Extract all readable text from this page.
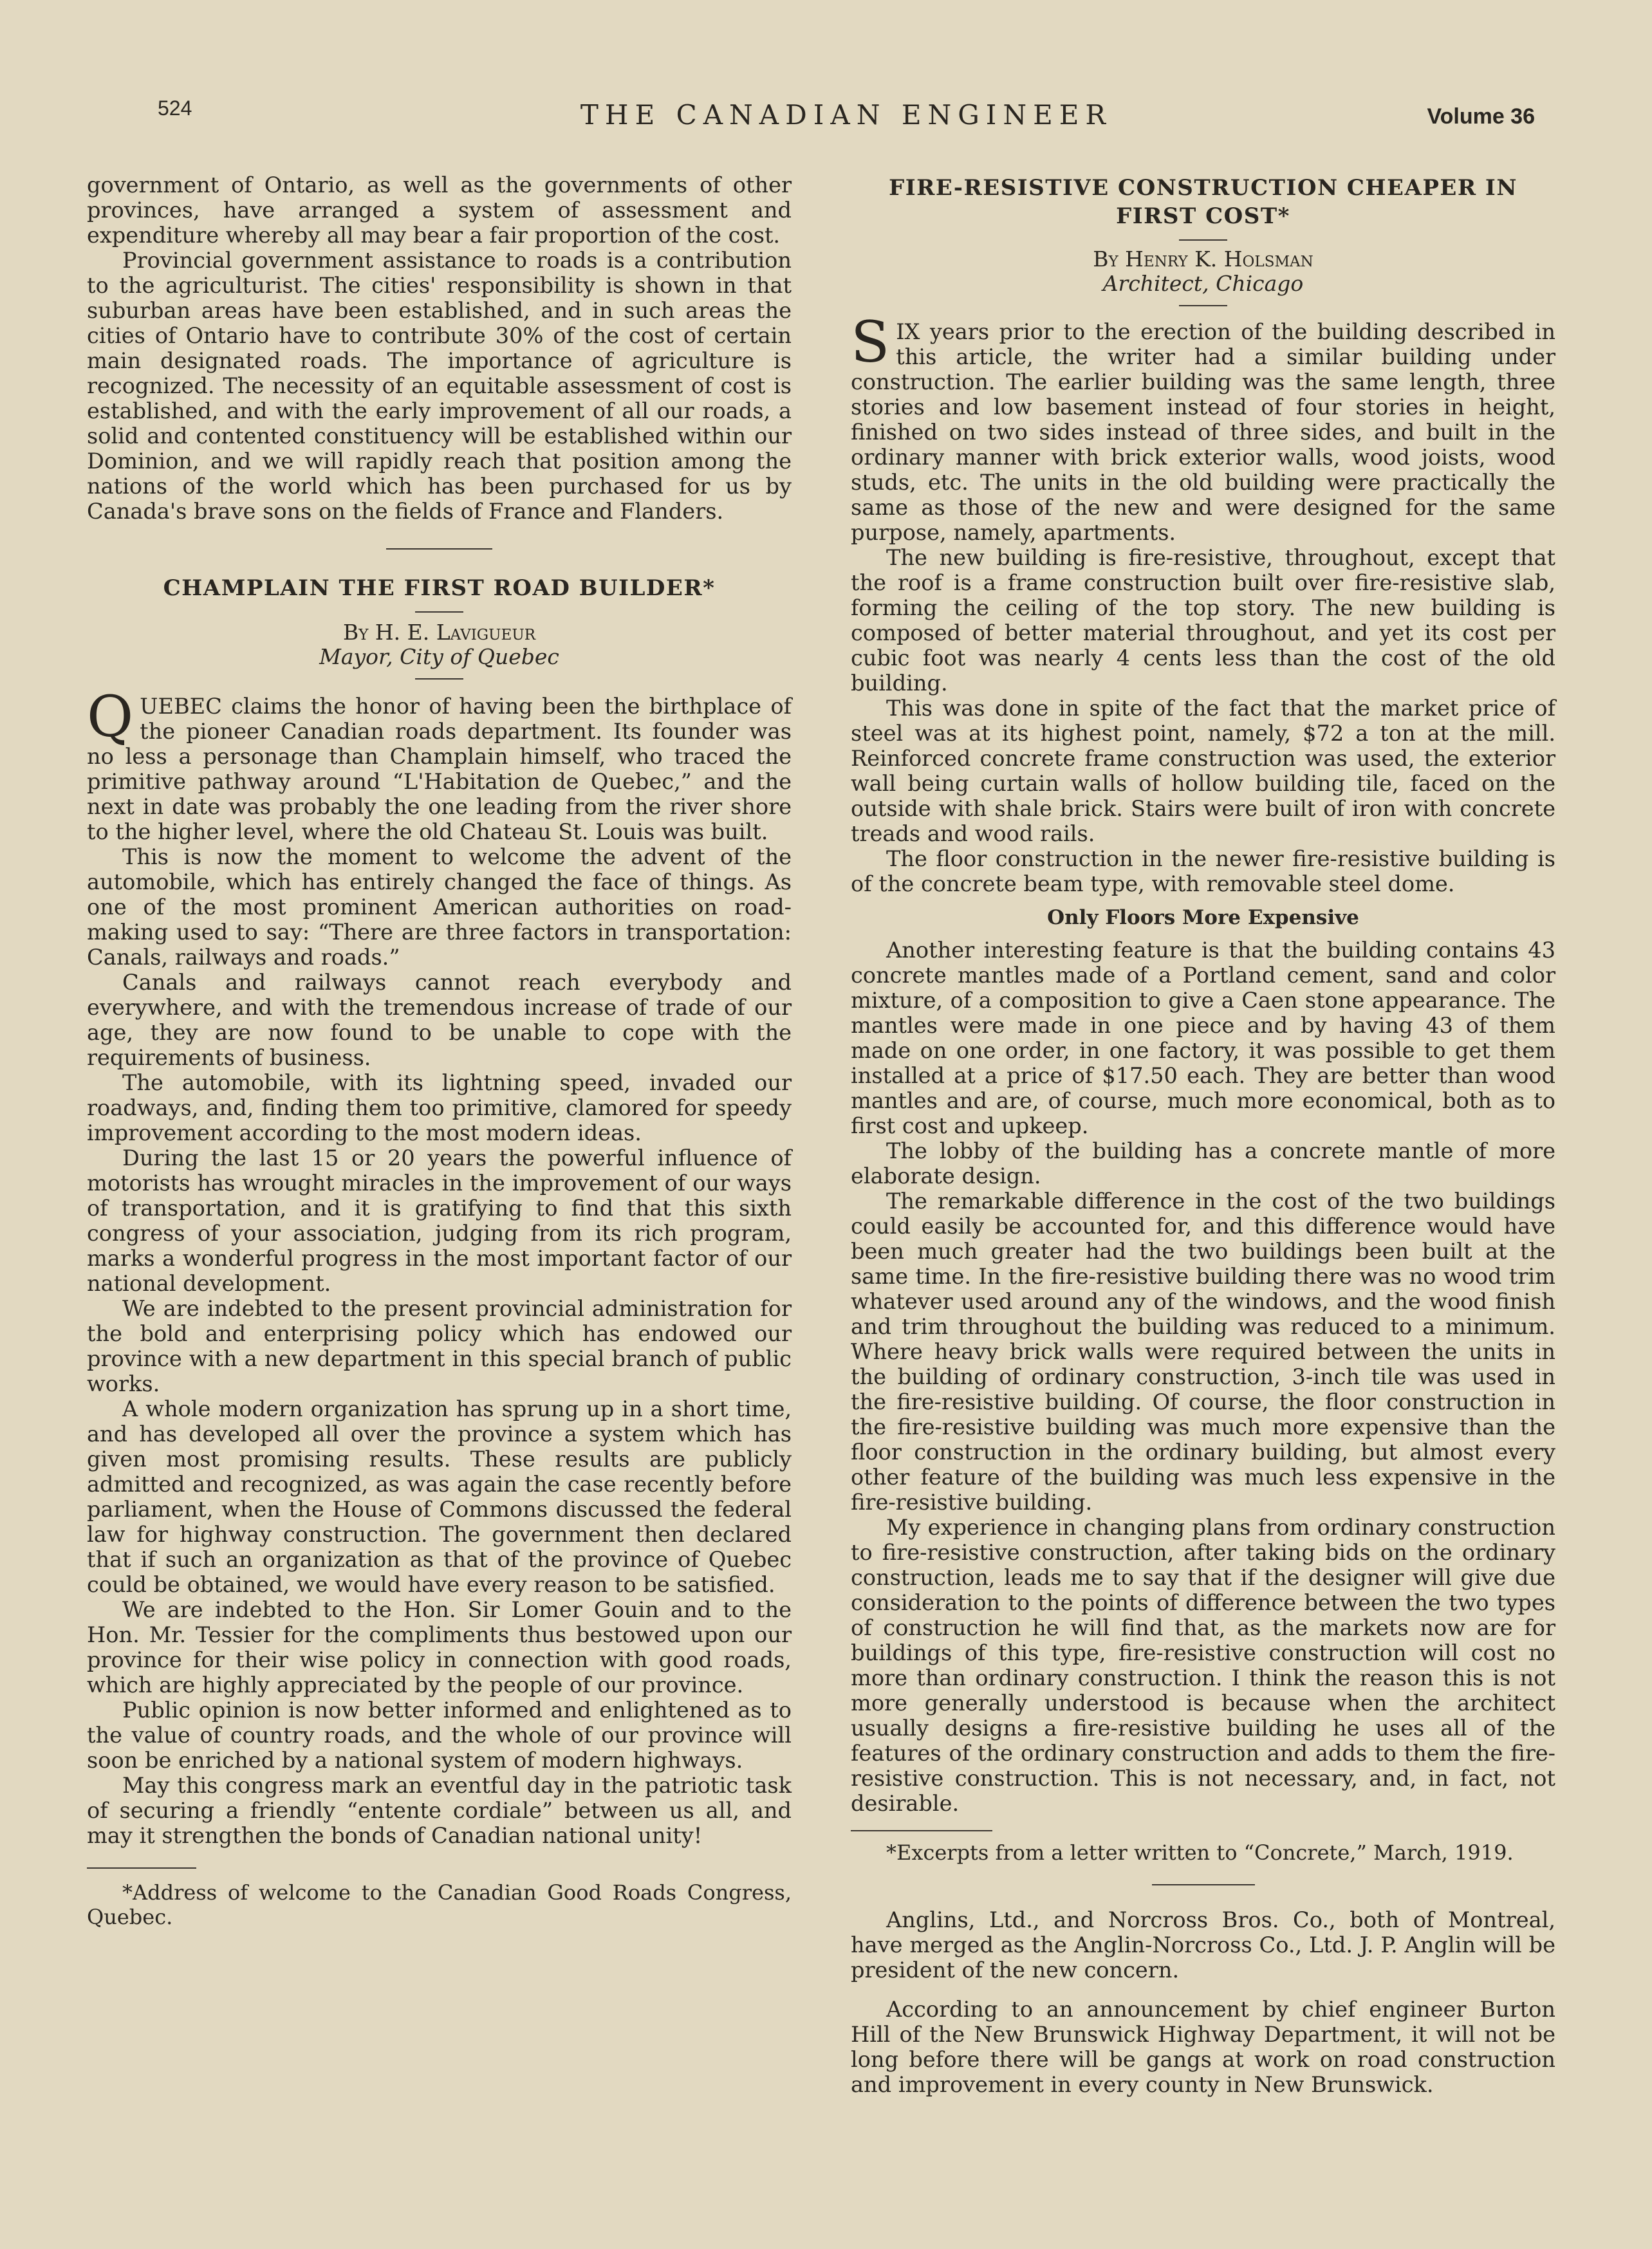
524	THE CANADIAN ENGINEER	Volume 36

government of Ontario, as well as the governments of other provinces, have arranged a system of assessment and expenditure whereby all may bear a fair proportion of the cost.

Provincial government assistance to roads is a contribution to the agriculturist. The cities' responsibility is shown in that suburban areas have been established, and in such areas the cities of Ontario have to contribute 30% of the cost of certain main designated roads. The importance of agriculture is recognized. The necessity of an equitable assessment of cost is established, and with the early improvement of all our roads, a solid and contented constituency will be established within our Dominion, and we will rapidly reach that position among the nations of the world which has been purchased for us by Canada's brave sons on the fields of France and Flanders.

CHAMPLAIN THE FIRST ROAD BUILDER*
By H. E. Lavigueur
Mayor, City of Quebec

QUEBEC claims the honor of having been the birthplace of the pioneer Canadian roads department. Its founder was no less a personage than Champlain himself, who traced the primitive pathway around “L'Habitation de Quebec,” and the next in date was probably the one leading from the river shore to the higher level, where the old Chateau St. Louis was built.

This is now the moment to welcome the advent of the automobile, which has entirely changed the face of things. As one of the most prominent American authorities on road-making used to say: “There are three factors in transportation: Canals, railways and roads.”

Canals and railways cannot reach everybody and everywhere, and with the tremendous increase of trade of our age, they are now found to be unable to cope with the requirements of business.

The automobile, with its lightning speed, invaded our roadways, and, finding them too primitive, clamored for speedy improvement according to the most modern ideas.

During the last 15 or 20 years the powerful influence of motorists has wrought miracles in the improvement of our ways of transportation, and it is gratifying to find that this sixth congress of your association, judging from its rich program, marks a wonderful progress in the most important factor of our national development.

We are indebted to the present provincial administration for the bold and enterprising policy which has endowed our province with a new department in this special branch of public works.

A whole modern organization has sprung up in a short time, and has developed all over the province a system which has given most promising results. These results are publicly admitted and recognized, as was again the case recently before parliament, when the House of Commons discussed the federal law for highway construction. The government then declared that if such an organization as that of the province of Quebec could be obtained, we would have every reason to be satisfied.

We are indebted to the Hon. Sir Lomer Gouin and to the Hon. Mr. Tessier for the compliments thus bestowed upon our province for their wise policy in connection with good roads, which are highly appreciated by the people of our province.

Public opinion is now better informed and enlightened as to the value of country roads, and the whole of our province will soon be enriched by a national system of modern highways.

May this congress mark an eventful day in the patriotic task of securing a friendly “entente cordiale” between us all, and may it strengthen the bonds of Canadian national unity!

*Address of welcome to the Canadian Good Roads Congress, Quebec.

FIRE-RESISTIVE CONSTRUCTION CHEAPER IN FIRST COST*
By Henry K. Holsman
Architect, Chicago

SIX years prior to the erection of the building described in this article, the writer had a similar building under construction. The earlier building was the same length, three stories and low basement instead of four stories in height, finished on two sides instead of three sides, and built in the ordinary manner with brick exterior walls, wood joists, wood studs, etc. The units in the old building were practically the same as those of the new and were designed for the same purpose, namely, apartments.

The new building is fire-resistive, throughout, except that the roof is a frame construction built over fire-resistive slab, forming the ceiling of the top story. The new building is composed of better material throughout, and yet its cost per cubic foot was nearly 4 cents less than the cost of the old building.

This was done in spite of the fact that the market price of steel was at its highest point, namely, $72 a ton at the mill. Reinforced concrete frame construction was used, the exterior wall being curtain walls of hollow building tile, faced on the outside with shale brick. Stairs were built of iron with concrete treads and wood rails.

The floor construction in the newer fire-resistive building is of the concrete beam type, with removable steel dome.

Only Floors More Expensive

Another interesting feature is that the building contains 43 concrete mantles made of a Portland cement, sand and color mixture, of a composition to give a Caen stone appearance. The mantles were made in one piece and by having 43 of them made on one order, in one factory, it was possible to get them installed at a price of $17.50 each. They are better than wood mantles and are, of course, much more economical, both as to first cost and upkeep.

The lobby of the building has a concrete mantle of more elaborate design.

The remarkable difference in the cost of the two buildings could easily be accounted for, and this difference would have been much greater had the two buildings been built at the same time. In the fire-resistive building there was no wood trim whatever used around any of the windows, and the wood finish and trim throughout the building was reduced to a minimum. Where heavy brick walls were required between the units in the building of ordinary construction, 3-inch tile was used in the fire-resistive building. Of course, the floor construction in the fire-resistive building was much more expensive than the floor construction in the ordinary building, but almost every other feature of the building was much less expensive in the fire-resistive building.

My experience in changing plans from ordinary construction to fire-resistive construction, after taking bids on the ordinary construction, leads me to say that if the designer will give due consideration to the points of difference between the two types of construction he will find that, as the markets now are for buildings of this type, fire-resistive construction will cost no more than ordinary construction. I think the reason this is not more generally understood is because when the architect usually designs a fire-resistive building he uses all of the features of the ordinary construction and adds to them the fire-resistive construction. This is not necessary, and, in fact, not desirable.

*Excerpts from a letter written to “Concrete,” March, 1919.

Anglins, Ltd., and Norcross Bros. Co., both of Montreal, have merged as the Anglin-Norcross Co., Ltd. J. P. Anglin will be president of the new concern.

According to an announcement by chief engineer Burton Hill of the New Brunswick Highway Department, it will not be long before there will be gangs at work on road construction and improvement in every county in New Brunswick.
